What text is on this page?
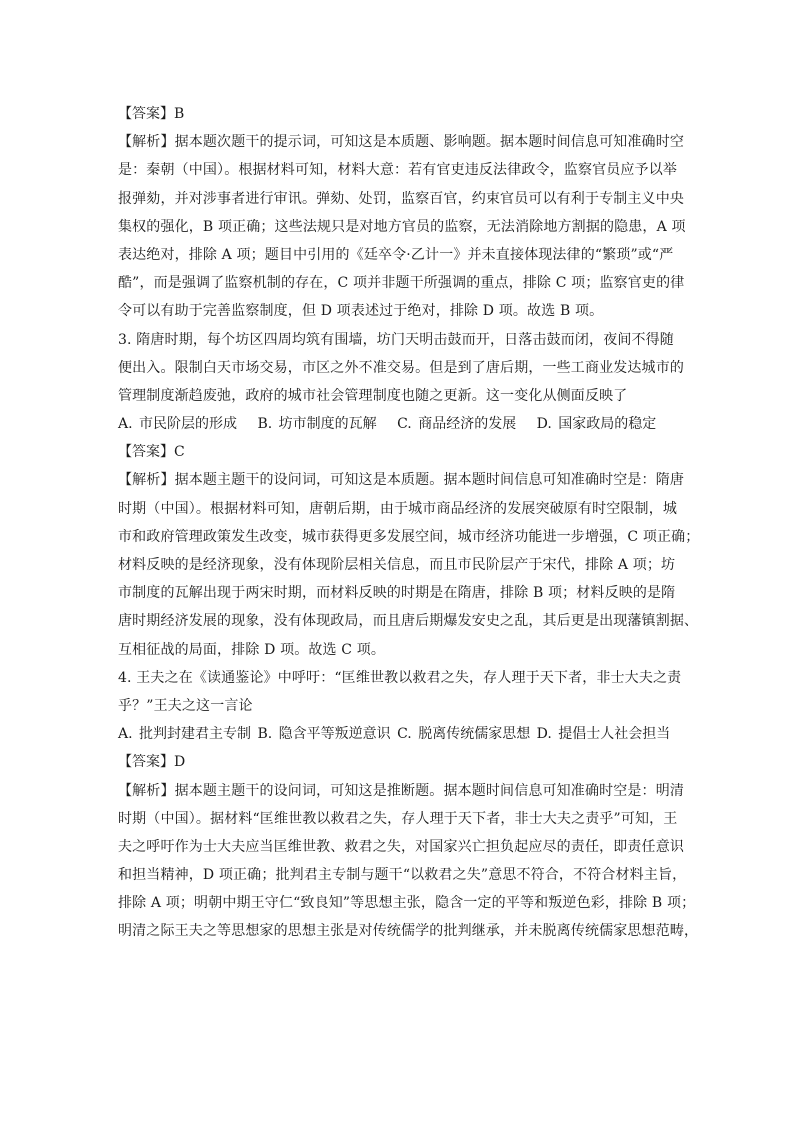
【答案】B
【解析】据本题次题干的提示词，可知这是本质题、影响题。据本题时间信息可知准确时空
是：秦朝（中国）。根据材料可知，材料大意：若有官吏违反法律政令，监察官员应予以举
报弹劾，并对涉事者进行审讯。弹劾、处罚，监察百官，约束官员可以有利于专制主义中央
集权的强化，B 项正确；这些法规只是对地方官员的监察，无法消除地方割据的隐患，A 项
表达绝对，排除 A 项；题目中引用的《廷卒令·乙计一》并未直接体现法律的“繁琐”或“严
酷”，而是强调了监察机制的存在，C 项并非题干所强调的重点，排除 C 项；监察官吏的律
令可以有助于完善监察制度，但 D 项表述过于绝对，排除 D 项。故选 B 项。
3. 隋唐时期，每个坊区四周均筑有围墙，坊门天明击鼓而开，日落击鼓而闭，夜间不得随
便出入。限制白天市场交易，市区之外不准交易。但是到了唐后期，一些工商业发达城市的
管理制度渐趋废弛，政府的城市社会管理制度也随之更新。这一变化从侧面反映了
A. 市民阶层的形成　 B. 坊市制度的瓦解　 C. 商品经济的发展　 D. 国家政局的稳定
【答案】C
【解析】据本题主题干的设问词，可知这是本质题。据本题时间信息可知准确时空是：隋唐
时期（中国）。根据材料可知，唐朝后期，由于城市商品经济的发展突破原有时空限制，城
市和政府管理政策发生改变，城市获得更多发展空间，城市经济功能进一步增强，C 项正确；
材料反映的是经济现象，没有体现阶层相关信息，而且市民阶层产于宋代，排除 A 项；坊
市制度的瓦解出现于两宋时期，而材料反映的时期是在隋唐，排除 B 项；材料反映的是隋
唐时期经济发展的现象，没有体现政局，而且唐后期爆发安史之乱，其后更是出现藩镇割据、
互相征战的局面，排除 D 项。故选 C 项。
4. 王夫之在《读通鉴论》中呼吁：“匡维世教以救君之失，存人理于天下者，非士大夫之责
乎？”王夫之这一言论
A. 批判封建君主专制 B. 隐含平等叛逆意识 C. 脱离传统儒家思想 D. 提倡士人社会担当
【答案】D
【解析】据本题主题干的设问词，可知这是推断题。据本题时间信息可知准确时空是：明清
时期（中国）。据材料“匡维世教以救君之失，存人理于天下者，非士大夫之责乎”可知，王
夫之呼吁作为士大夫应当匡维世教、救君之失，对国家兴亡担负起应尽的责任，即责任意识
和担当精神，D 项正确；批判君主专制与题干“以救君之失”意思不符合，不符合材料主旨，
排除 A 项；明朝中期王守仁“致良知”等思想主张，隐含一定的平等和叛逆色彩，排除 B 项；
明清之际王夫之等思想家的思想主张是对传统儒学的批判继承，并未脱离传统儒家思想范畴，
